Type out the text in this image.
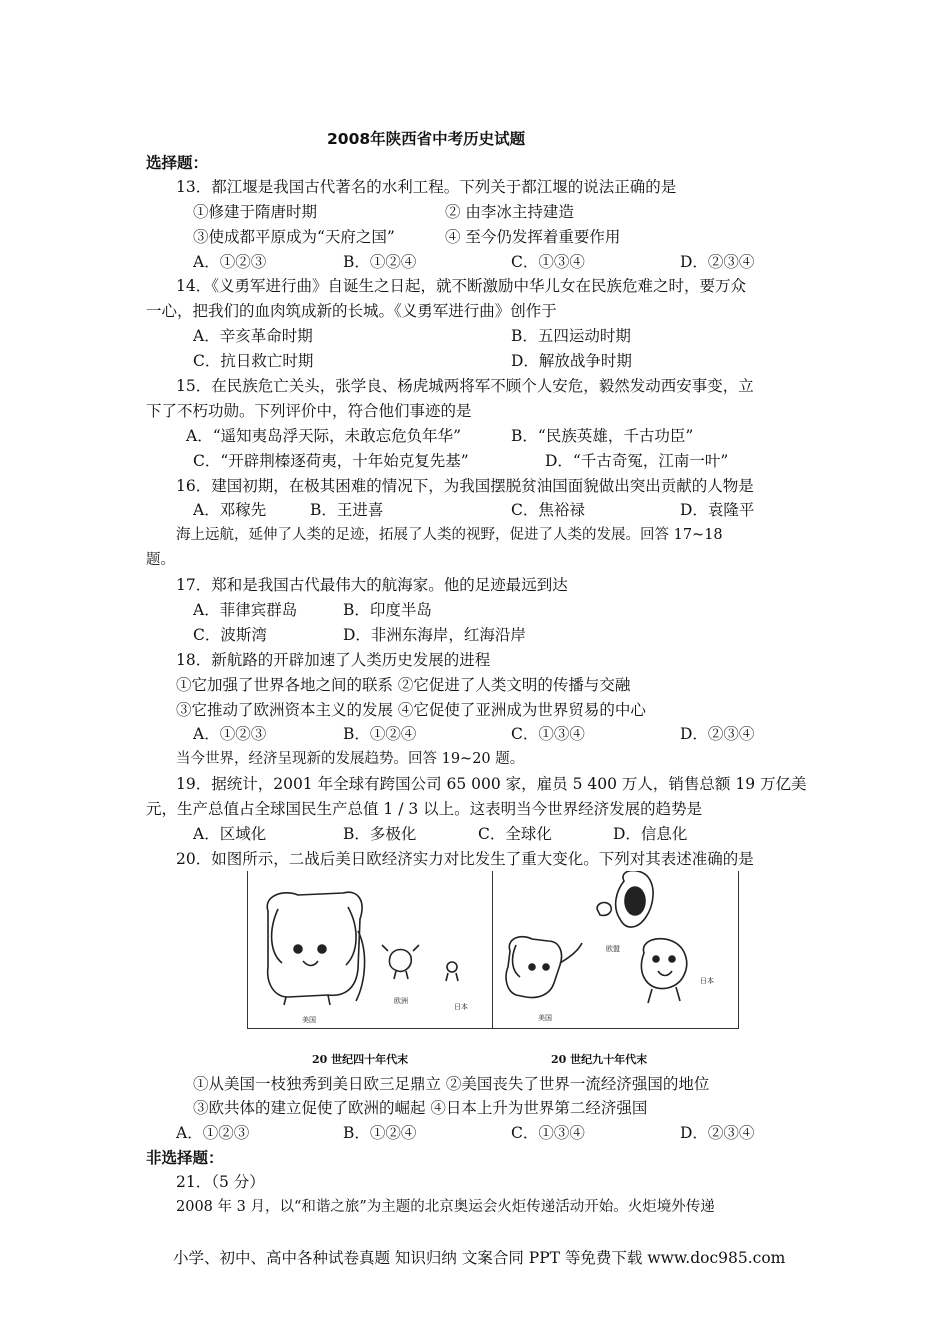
2008年陕西省中考历史试题
选择题：
13．都江堰是我国古代著名的水利工程。下列关于都江堰的说法正确的是
①修建于隋唐时期	② 由李冰主持建造
③使成都平原成为“天府之国”	④ 至今仍发挥着重要作用
A．①②③	B．①②④	C．①③④	D．②③④
14．《义勇军进行曲》自诞生之日起，就不断激励中华儿女在民族危难之时，要万众
一心，把我们的血肉筑成新的长城。《义勇军进行曲》创作于
A．辛亥革命时期	B．五四运动时期
C．抗日救亡时期	D．解放战争时期
15．在民族危亡关头，张学良、杨虎城两将军不顾个人安危，毅然发动西安事变，立
下了不朽功勋。下列评价中，符合他们事迹的是
A．“遥知夷岛浮天际，未敢忘危负年华”	B．“民族英雄，千古功臣”
C．“开辟荆榛逐荷夷，十年始克复先基”	D．“千古奇冤，江南一叶”
16．建国初期，在极其困难的情况下，为我国摆脱贫油国面貌做出突出贡献的人物是
A．邓稼先	B．王进喜	C．焦裕禄	D．袁隆平
海上远航，延伸了人类的足迹，拓展了人类的视野，促进了人类的发展。回答 17~18
题。
17．郑和是我国古代最伟大的航海家。他的足迹最远到达
A．菲律宾群岛	B．印度半岛
C．波斯湾	D．非洲东海岸，红海沿岸
18．新航路的开辟加速了人类历史发展的进程
①它加强了世界各地之间的联系 ②它促进了人类文明的传播与交融
③它推动了欧洲资本主义的发展 ④它促使了亚洲成为世界贸易的中心
A．①②③	B．①②④	C．①③④	D．②③④
当今世界，经济呈现新的发展趋势。回答 19~20 题。
19．据统计，2001 年全球有跨国公司 65 000 家，雇员 5 400 万人，销售总额 19 万亿美
元，生产总值占全球国民生产总值 1 / 3 以上。这表明当今世界经济发展的趋势是
A．区域化	B．多极化	C．全球化	D．信息化
20．如图所示，二战后美日欧经济实力对比发生了重大变化。下列对其表述准确的是
美国
欧洲
日本
美国
欧盟
日本
20 世纪四十年代末	20 世纪九十年代末
①从美国一枝独秀到美日欧三足鼎立 ②美国丧失了世界一流经济强国的地位
③欧共体的建立促使了欧洲的崛起 ④日本上升为世界第二经济强国
A．①②③	B．①②④	C．①③④	D．②③④
非选择题：
21．（5 分）
2008 年 3 月，以“和谐之旅”为主题的北京奥运会火炬传递活动开始。火炬境外传递
小学、初中、高中各种试卷真题 知识归纳 文案合同 PPT 等免费下载 www.doc985.com
